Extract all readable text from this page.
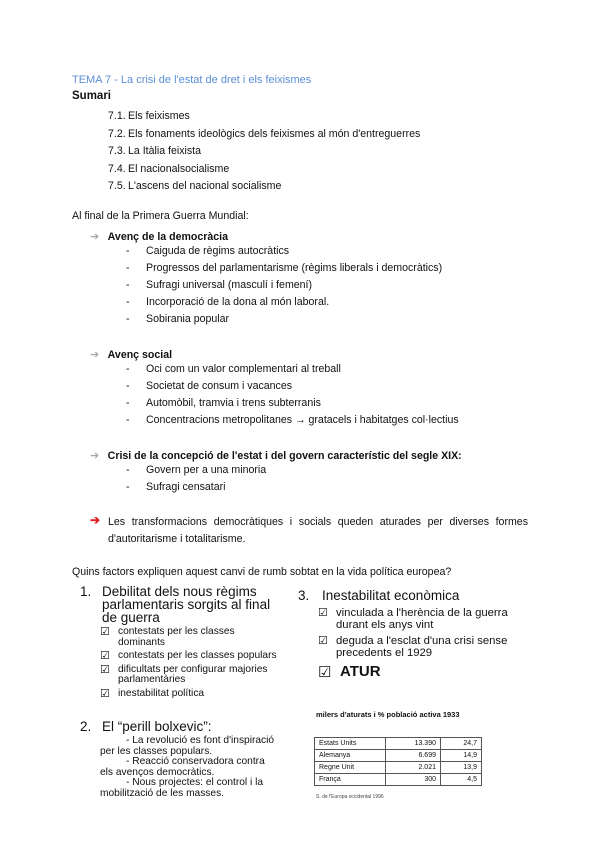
TEMA 7 - La crisi de l'estat de dret i els feixismes
Sumari
7.1. Els feixismes
7.2. Els fonaments ideològics dels feixismes al món d'entreguerres
7.3. La Itàlia feixista
7.4. El nacionalsocialisme
7.5. L'ascens del nacional socialisme
Al final de la Primera Guerra Mundial:
➔ Avenç de la democràcia
- Caiguda de règims autocràtics
- Progressos del parlamentarisme (règims liberals i democràtics)
- Sufragi universal (masculí i femení)
- Incorporació de la dona al món laboral.
- Sobirania popular
➔ Avenç social
- Oci com un valor complementari al treball
- Societat de consum i vacances
- Automòbil, tramvia i trens subterranis
- Concentracions metropolitanes → gratacels i habitatges col·lectius
➔ Crisi de la concepció de l'estat i del govern característic del segle XIX:
- Govern per a una minoria
- Sufragi censatari
➔ Les transformacions democràtiques i socials queden aturades per diverses formes d'autoritarisme i totalitarisme.
Quins factors expliquen aquest canvi de rumb sobtat en la vida política europea?
1. Debilitat dels nous règims parlamentaris sorgits al final de guerra
☑ contestats per les classes dominants
☑ contestats per les classes populars
☑ dificultats per configurar majories parlamentàries
☑ inestabilitat política
2. El “perill bolxevic”:
- La revolució es font d'inspiració per les classes populars.
- Reacció conservadora contra els avenços democràtics.
- Nous projectes: el control i la mobilització de les masses.
3. Inestabilitat econòmica
☑ vinculada a l'herència de la guerra durant els anys vint
☑ deguda a l'esclat d'una crisi sense precedents el 1929
☑ ATUR
milers d'aturats i % població activa 1933
Estats Units	13.390	24,7
Alemanya	6.699	14,9
Regne Unit	2.021	13,9
França	300	4,5
S. de l'Europa occidental 1996
